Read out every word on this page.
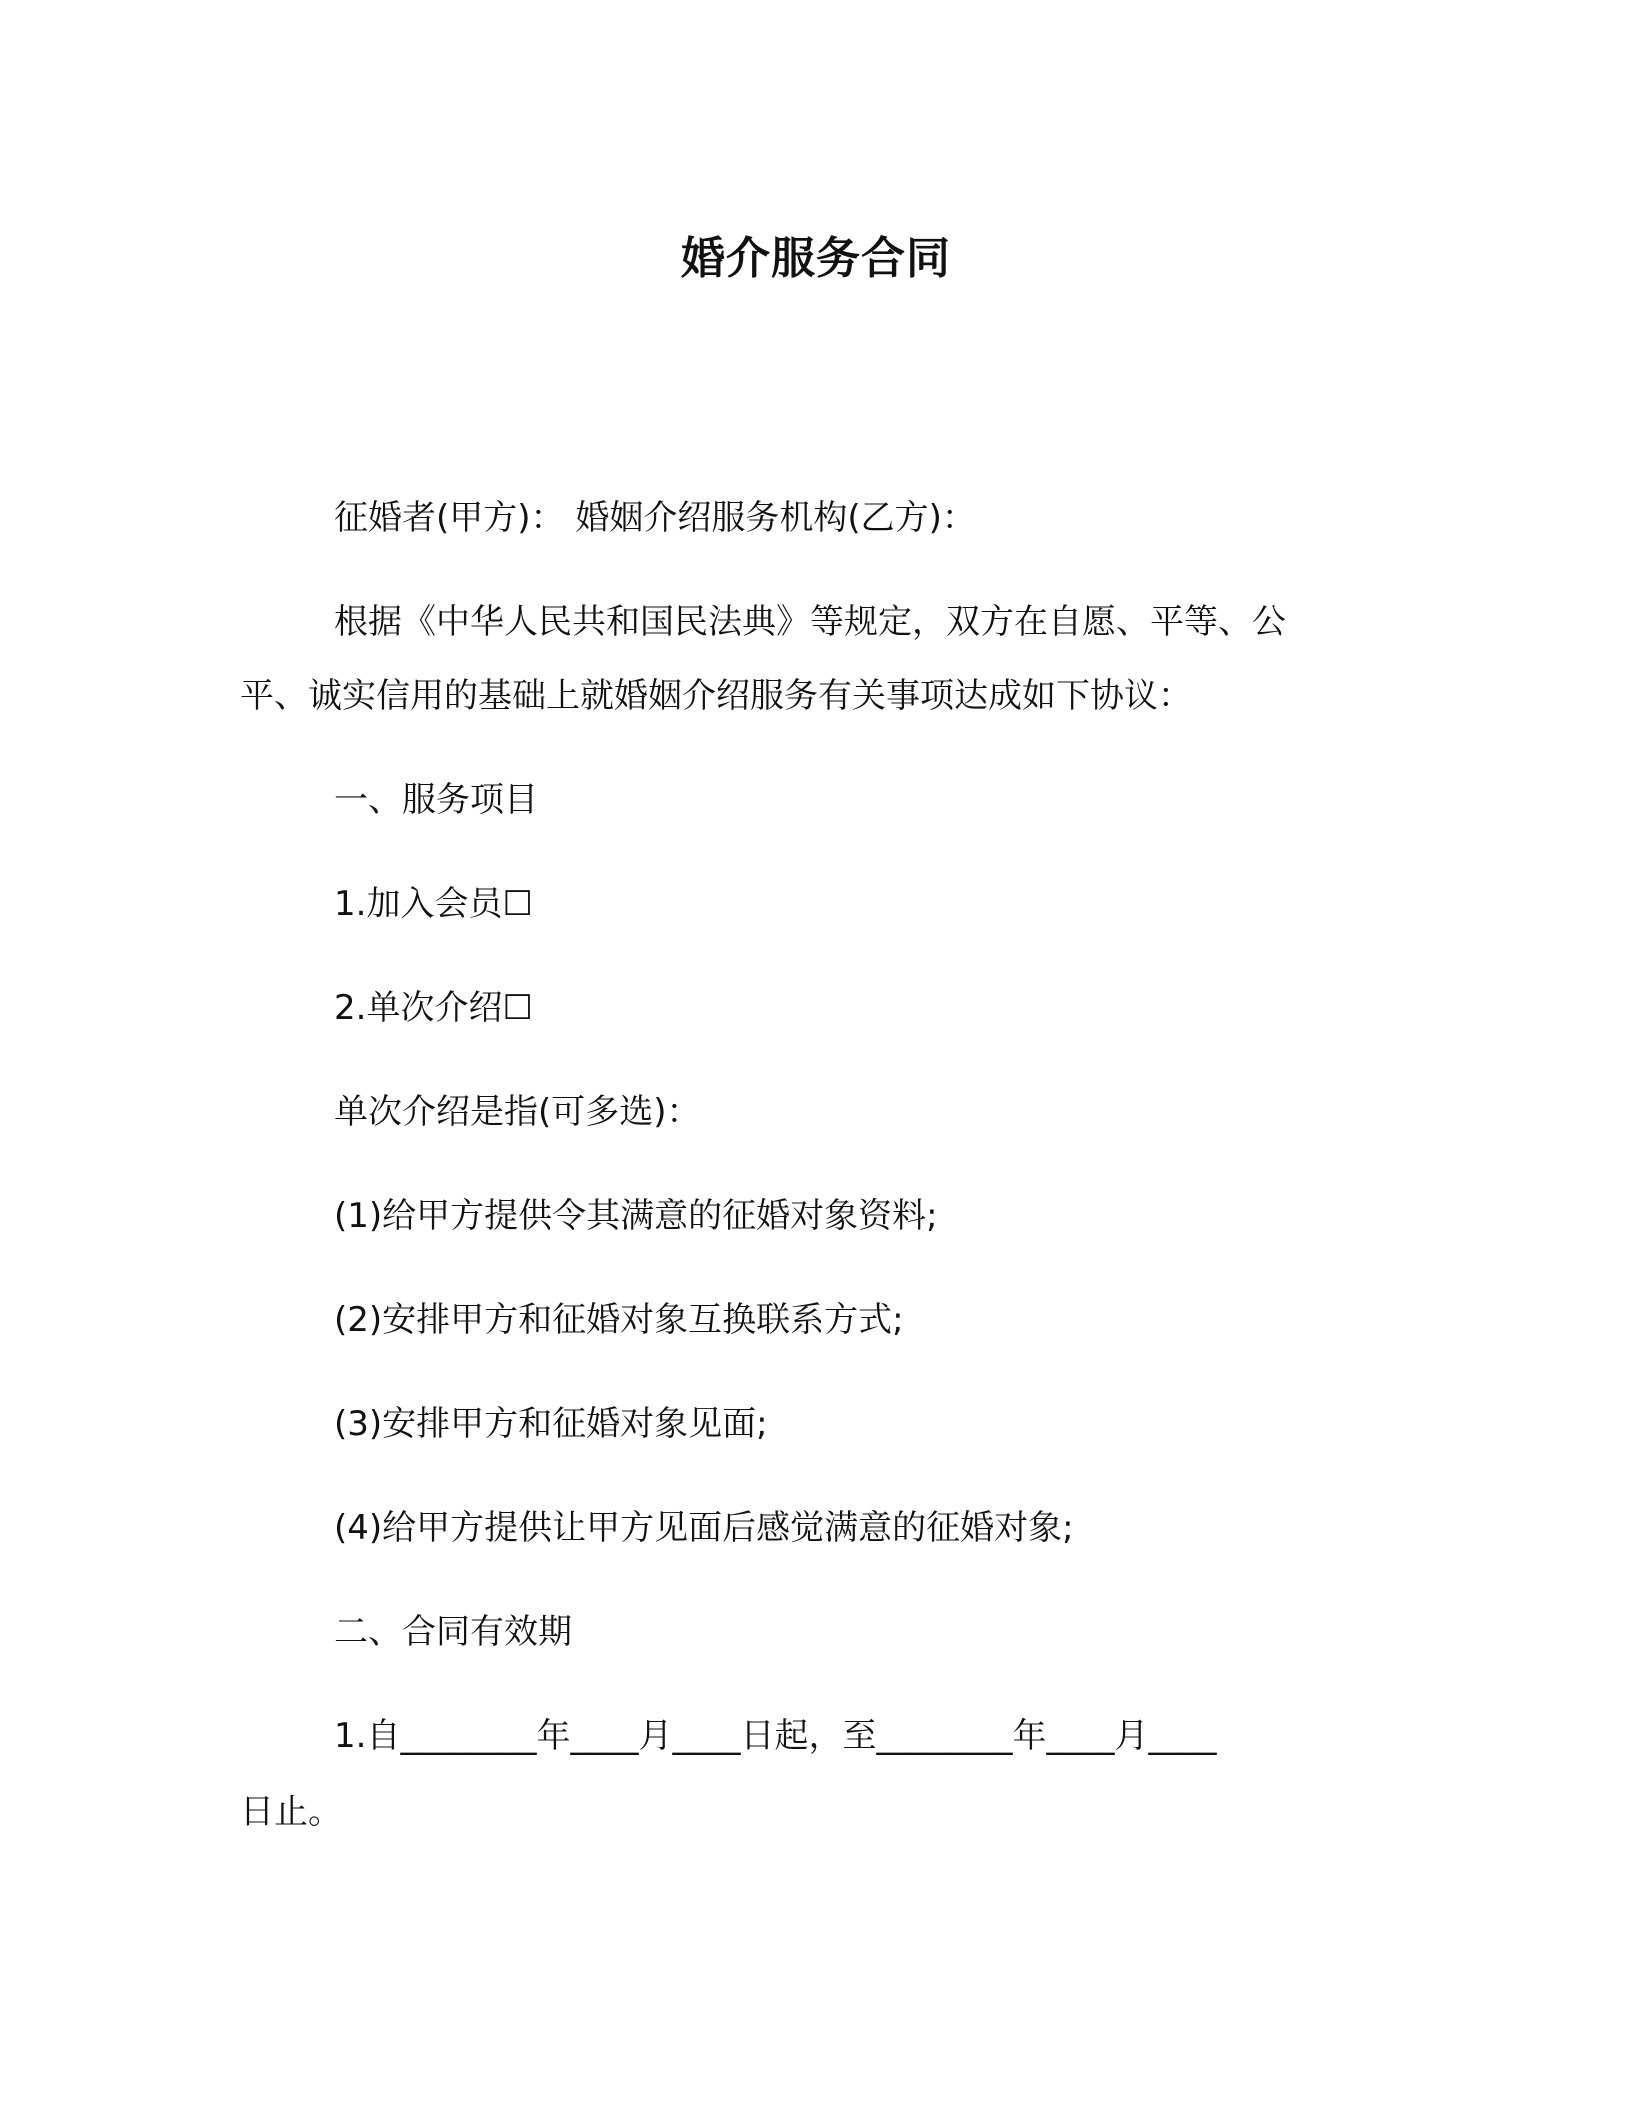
婚介服务合同
征婚者(甲方)： 婚姻介绍服务机构(乙方)：
根据《中华人民共和国民法典》等规定，双方在自愿、平等、公
平、诚实信用的基础上就婚姻介绍服务有关事项达成如下协议：
一、服务项目
1.加入会员☐
2.单次介绍☐
单次介绍是指(可多选)：
(1)给甲方提供令其满意的征婚对象资料;
(2)安排甲方和征婚对象互换联系方式;
(3)安排甲方和征婚对象见面;
(4)给甲方提供让甲方见面后感觉满意的征婚对象;
二、合同有效期
1.自________年____月____日起，至________年____月____
日止。
